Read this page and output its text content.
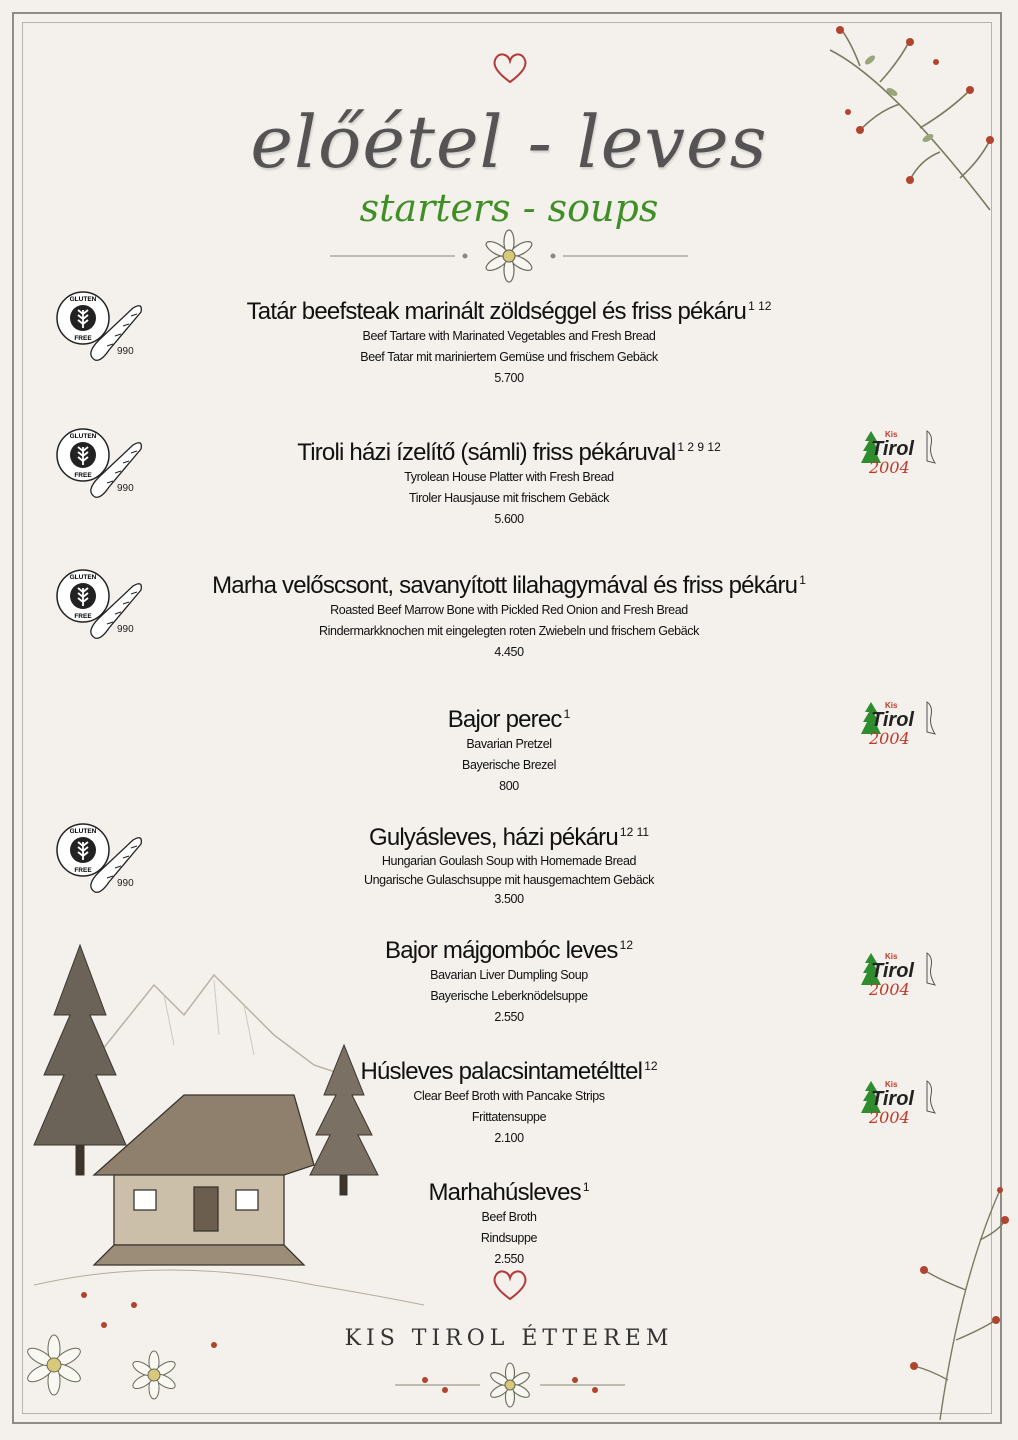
előétel - leves
starters - soups
GLUTEN
FREE
990
GLUTEN
FREE
990
GLUTEN
FREE
990
GLUTEN
FREE
990
Kis
Tirol
2004
Kis
Tirol
2004
Kis
Tirol
2004
Kis
Tirol
2004
Tatár beefsteak marinált zöldséggel és friss pékáru $^{1 12}$
Beef Tartare with Marinated Vegetables and Fresh Bread
Beef Tatar mit mariniertem Gemüse und frischem Gebäck
5.700
Tiroli házi ízelítő (sámli) friss pékáruval $^{1 2 9 12}$
Tyrolean House Platter with Fresh Bread
Tiroler Hausjause mit frischem Gebäck
5.600
Marha velőscsont, savanyított lilahagymával és friss pékáru $^1$
Roasted Beef Marrow Bone with Pickled Red Onion and Fresh Bread
Rindermarkknochen mit eingelegten roten Zwiebeln und frischem Gebäck
4.450
Bajor perec $^1$
Bavarian Pretzel
Bayerische Brezel
800
Gulyásleves, házi pékáru $^{12 11}$
Hungarian Goulash Soup with Homemade Bread
Ungarische Gulaschsuppe mit hausgemachtem Gebäck
3.500
Bajor májgombóc leves $^{12}$
Bavarian Liver Dumpling Soup
Bayerische Leberknödelsuppe
2.550
Húsleves palacsintametélttel $^{12}$
Clear Beef Broth with Pancake Strips
Frittatensuppe
2.100
Marhahúsleves $^1$
Beef Broth
Rindsuppe
2.550
KIS TIROL ÉTTEREM
